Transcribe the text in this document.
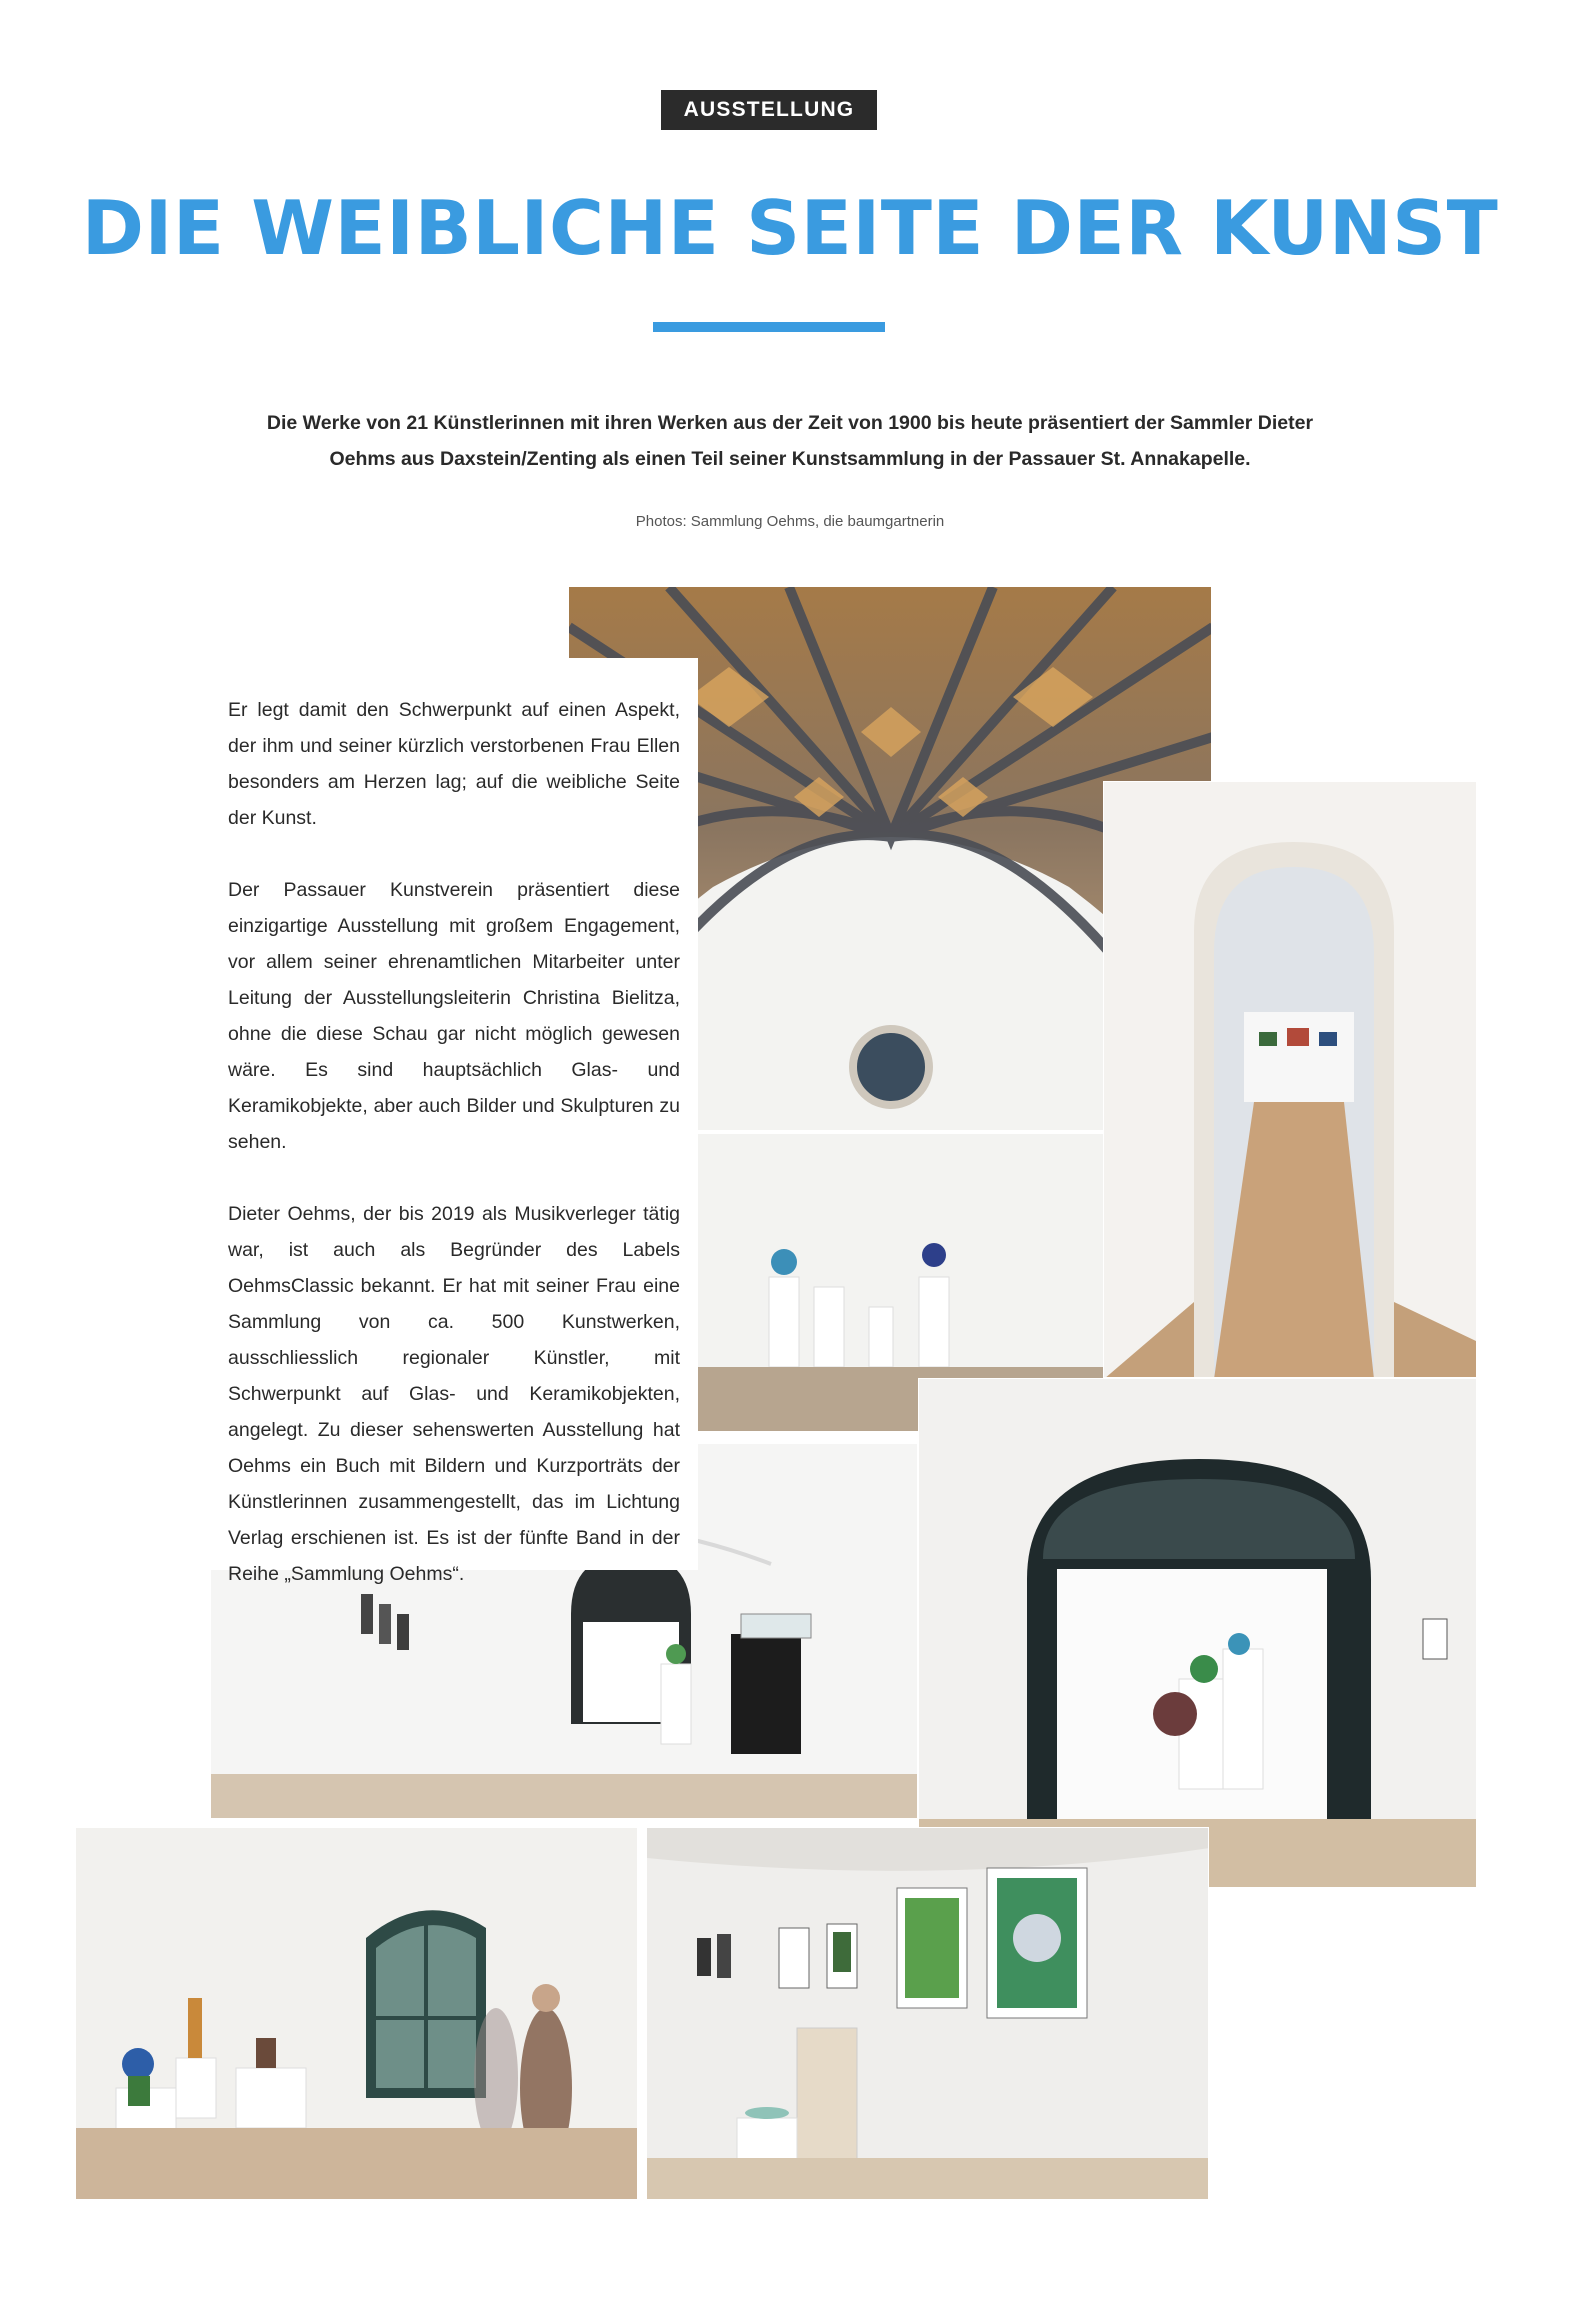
AUSSTELLUNG
DIE WEIBLICHE SEITE DER KUNST

Die Werke von 21 Künstlerinnen mit ihren Werken aus der Zeit von 1900 bis heute präsentiert der Sammler Dieter Oehms aus Daxstein/Zenting als einen Teil seiner Kunstsammlung in der Passauer St. Annakapelle.

Photos: Sammlung Oehms, die baumgartnerin

Er legt damit den Schwerpunkt auf einen Aspekt, der ihm und seiner kürzlich verstorbenen Frau Ellen besonders am Herzen lag; auf die weibliche Seite der Kunst.

Der Passauer Kunstverein präsentiert diese einzigartige Ausstellung mit großem Engagement, vor allem seiner ehrenamtlichen Mitarbeiter unter Leitung der Ausstellungsleiterin Christina Bielitza, ohne die diese Schau gar nicht möglich gewesen wäre. Es sind hauptsächlich Glas- und Keramikobjekte, aber auch Bilder und Skulpturen zu sehen.

Dieter Oehms, der bis 2019 als Musikverleger tätig war, ist auch als Begründer des Labels OehmsClassic bekannt. Er hat mit seiner Frau eine Sammlung von ca. 500 Kunstwerken, ausschliesslich regionaler Künstler, mit Schwerpunkt auf Glas- und Keramikobjekten, angelegt. Zu dieser sehenswerten Ausstellung hat Oehms ein Buch mit Bildern und Kurzporträts der Künstlerinnen zusammengestellt, das im Lichtung Verlag erschienen ist. Es ist der fünfte Band in der Reihe „Sammlung Oehms“.
